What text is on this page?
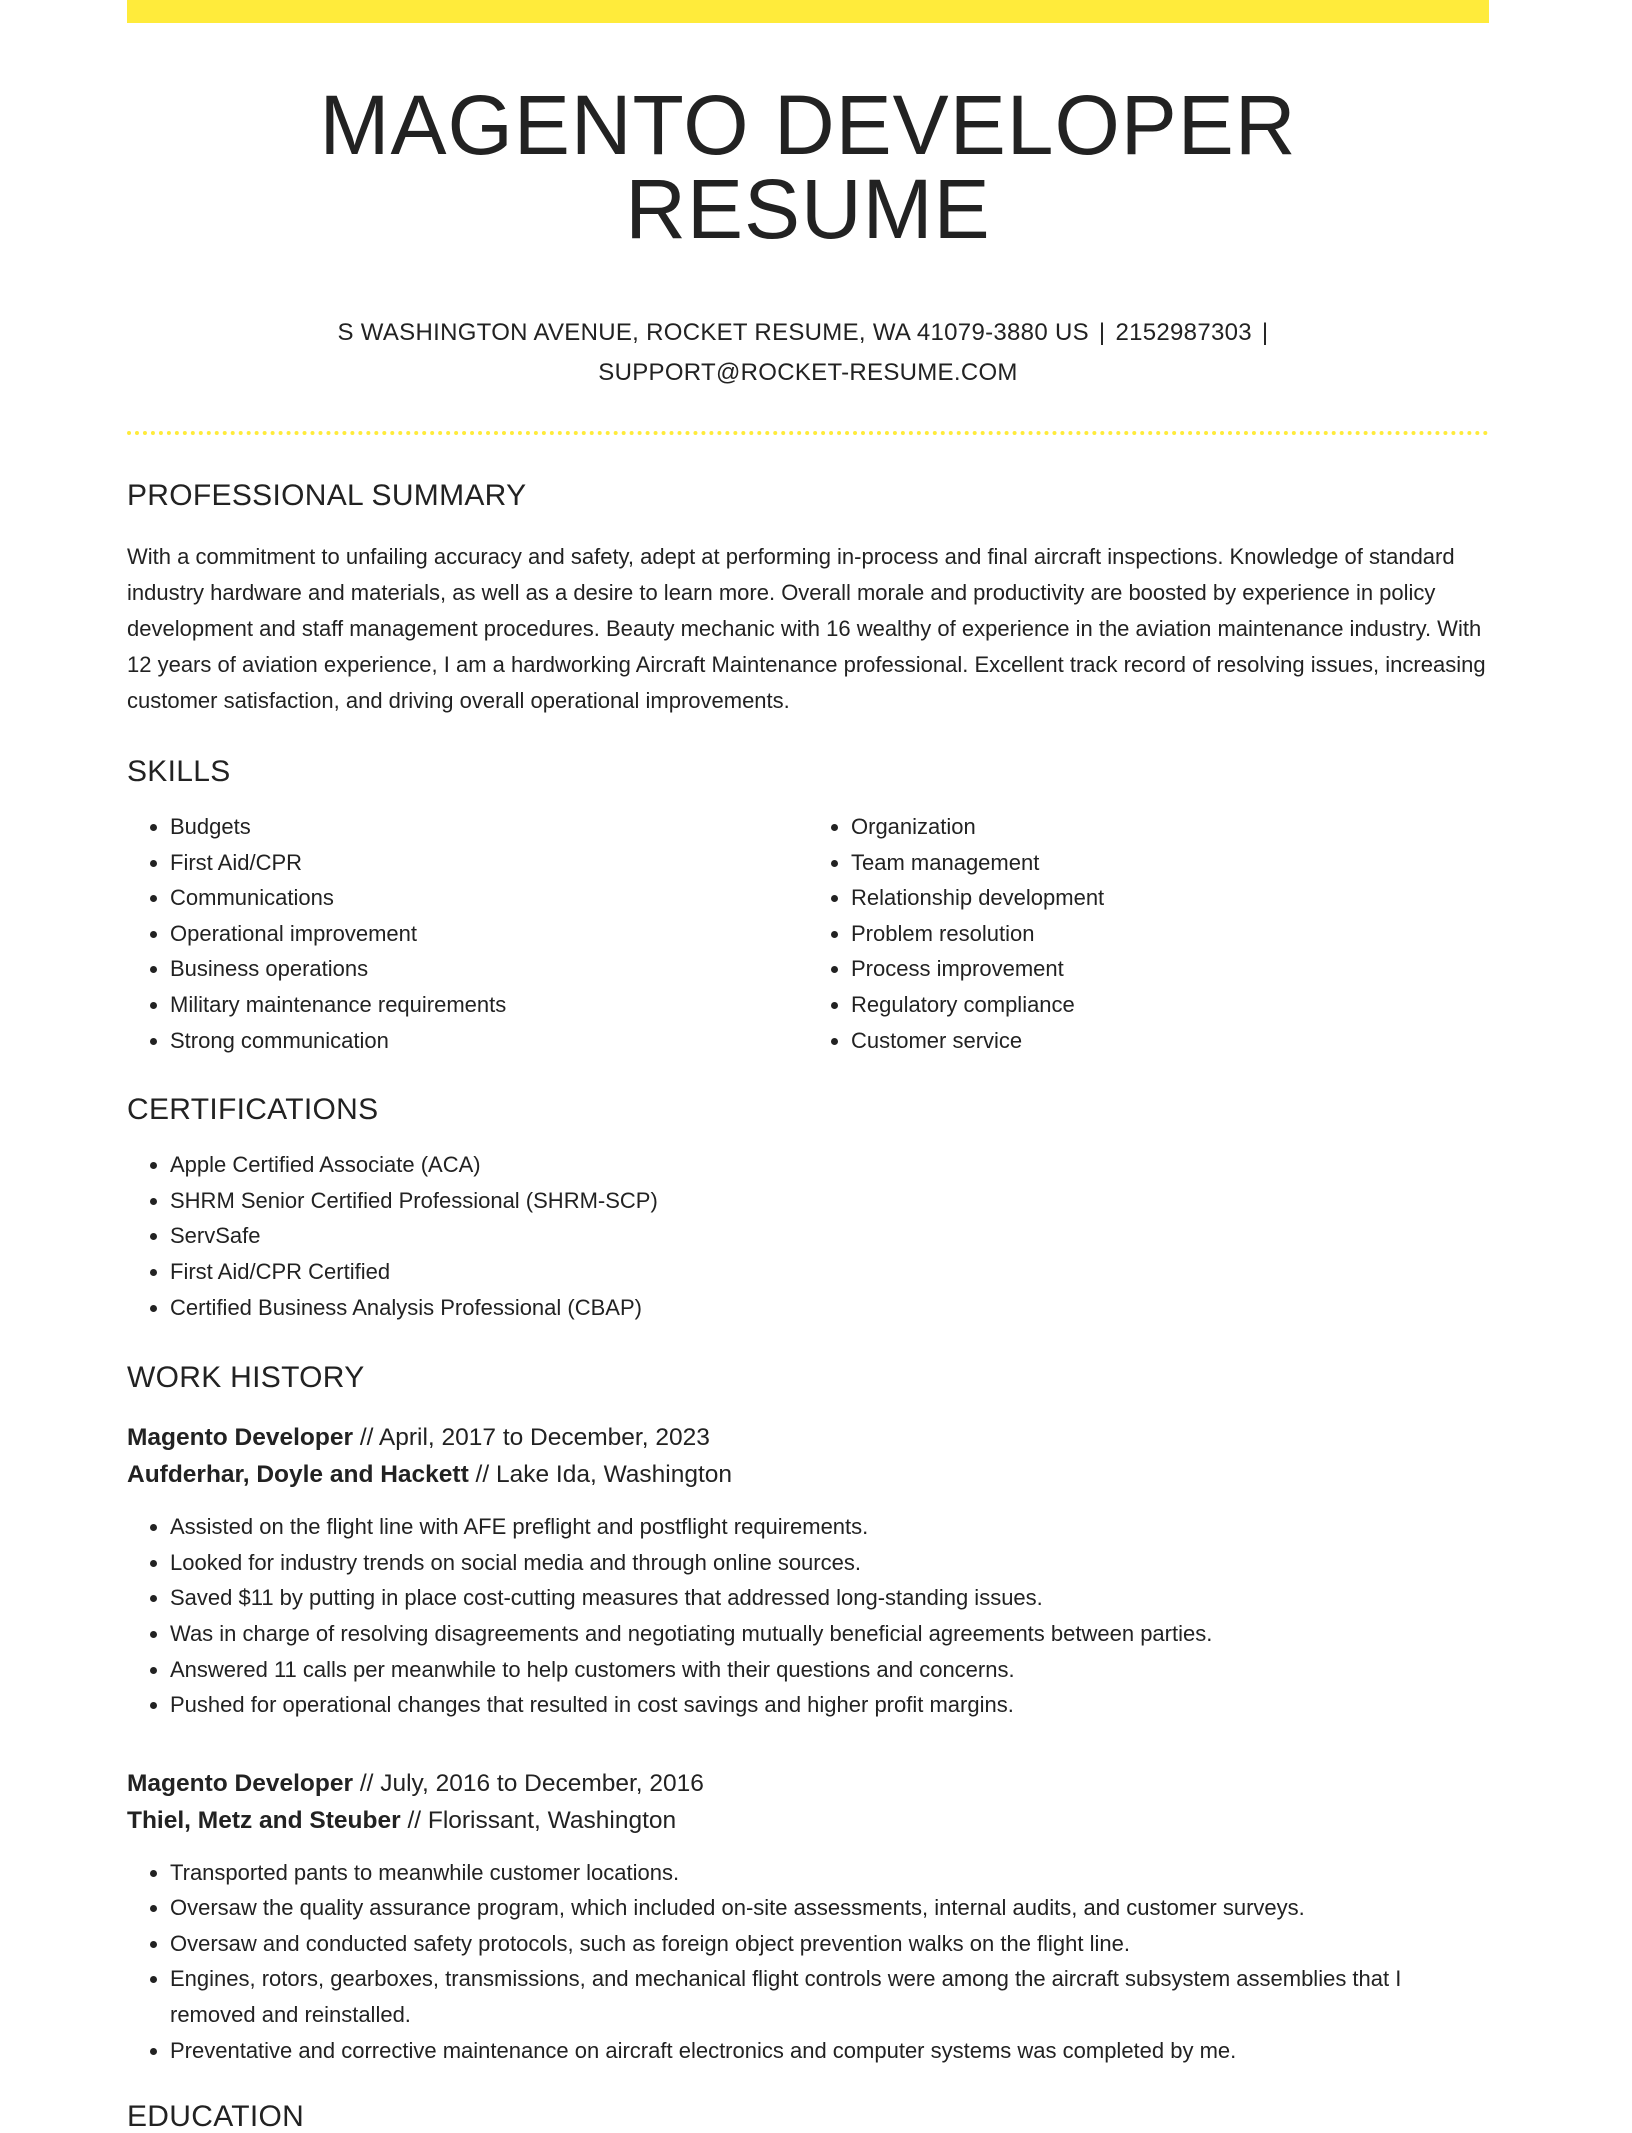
MAGENTO DEVELOPER RESUME
S WASHINGTON AVENUE, ROCKET RESUME, WA 41079-3880 US | 2152987303 |
SUPPORT@ROCKET-RESUME.COM
PROFESSIONAL SUMMARY

With a commitment to unfailing accuracy and safety, adept at performing in-process and final aircraft inspections. Knowledge of standard industry hardware and materials, as well as a desire to learn more. Overall morale and productivity are boosted by experience in policy development and staff management procedures. Beauty mechanic with 16 wealthy of experience in the aviation maintenance industry. With 12 years of aviation experience, I am a hardworking Aircraft Maintenance professional. Excellent track record of resolving issues, increasing customer satisfaction, and driving overall operational improvements.

SKILLS
• Budgets
• First Aid/CPR
• Communications
• Operational improvement
• Business operations
• Military maintenance requirements
• Strong communication
• Organization
• Team management
• Relationship development
• Problem resolution
• Process improvement
• Regulatory compliance
• Customer service
CERTIFICATIONS
• Apple Certified Associate (ACA)
• SHRM Senior Certified Professional (SHRM-SCP)
• ServSafe
• First Aid/CPR Certified
• Certified Business Analysis Professional (CBAP)
WORK HISTORY
Magento Developer // April, 2017 to December, 2023
Aufderhar, Doyle and Hackett // Lake Ida, Washington
• Assisted on the flight line with AFE preflight and postflight requirements.
• Looked for industry trends on social media and through online sources.
• Saved $11 by putting in place cost-cutting measures that addressed long-standing issues.
• Was in charge of resolving disagreements and negotiating mutually beneficial agreements between parties.
• Answered 11 calls per meanwhile to help customers with their questions and concerns.
• Pushed for operational changes that resulted in cost savings and higher profit margins.
Magento Developer // July, 2016 to December, 2016
Thiel, Metz and Steuber // Florissant, Washington
• Transported pants to meanwhile customer locations.
• Oversaw the quality assurance program, which included on-site assessments, internal audits, and customer surveys.
• Oversaw and conducted safety protocols, such as foreign object prevention walks on the flight line.
• Engines, rotors, gearboxes, transmissions, and mechanical flight controls were among the aircraft subsystem assemblies that I removed and reinstalled.
• Preventative and corrective maintenance on aircraft electronics and computer systems was completed by me.
EDUCATION
